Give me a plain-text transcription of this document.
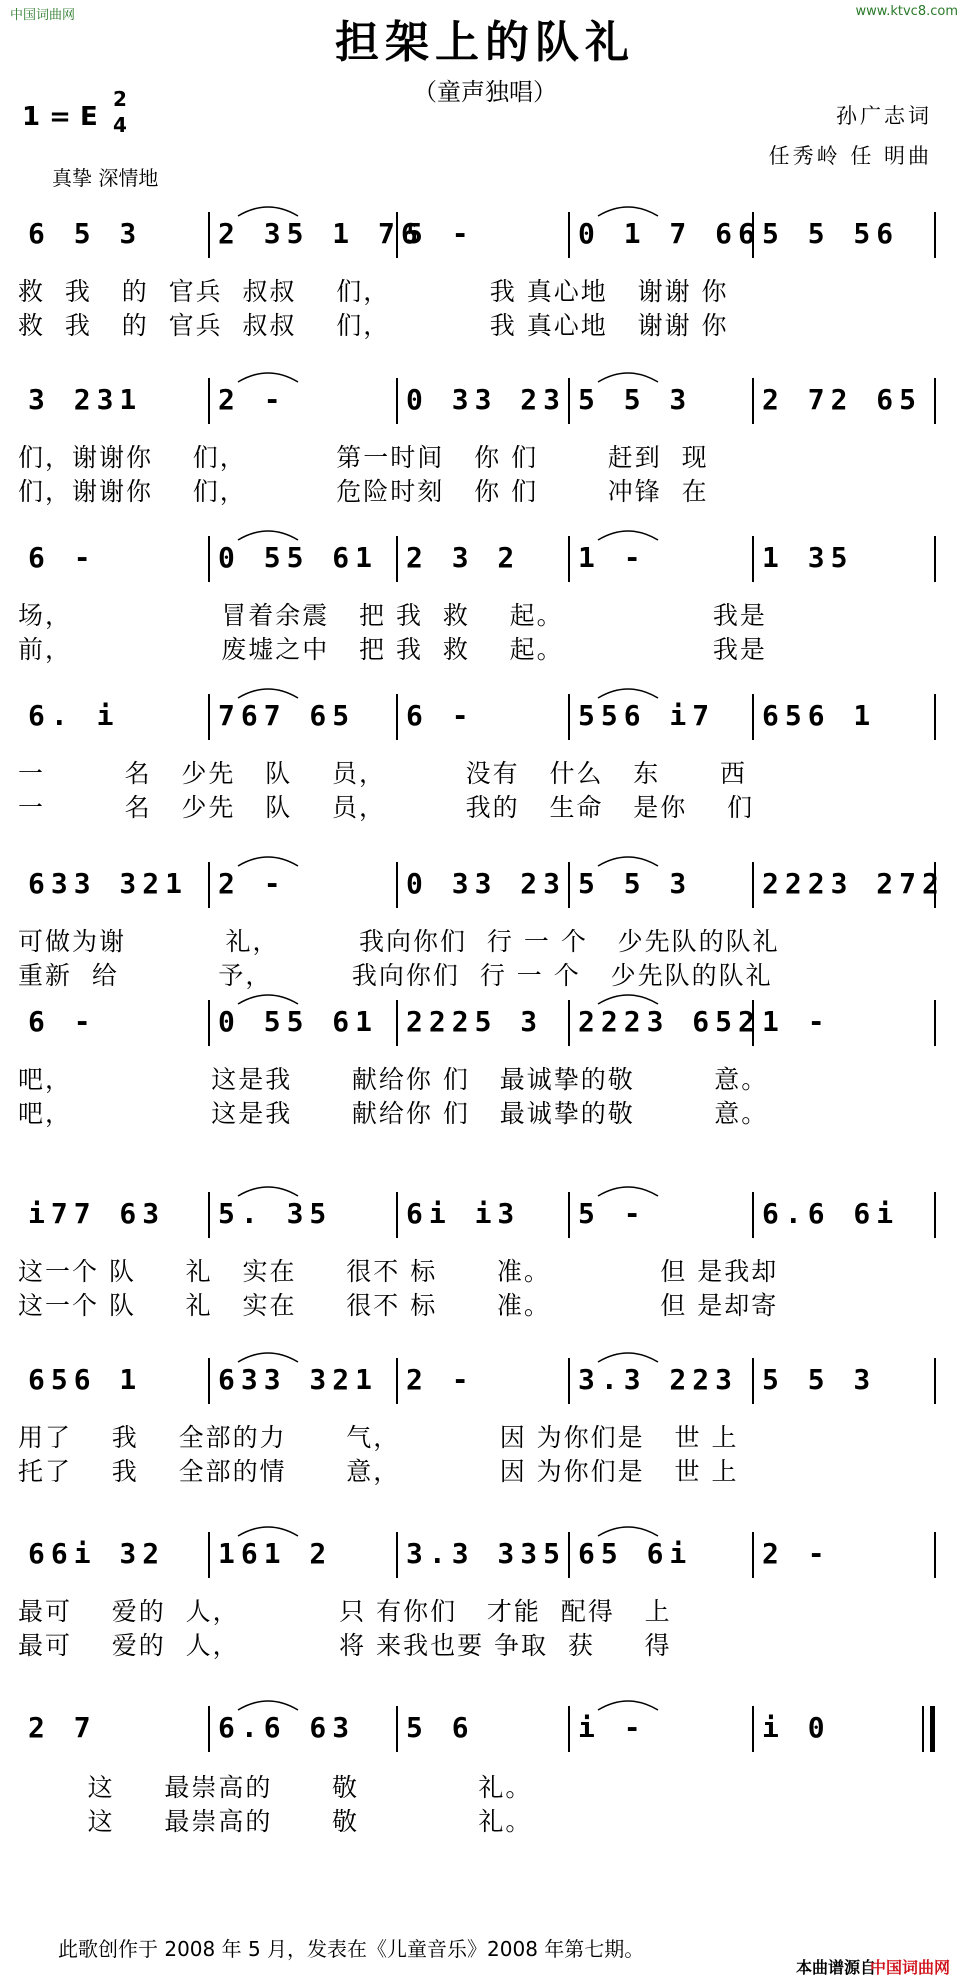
中国词曲网	www.ktvc8.com
担架上的队礼
（童声独唱）
1 = E
2
4
真挚 深情地
孙广志词
任秀岭 任 明曲
6 5 3	2 35 1 76
5 -	0 1 7 66 5 5 56
救  我   的  官兵  叔叔    们，          我 真心地   谢谢 你
救  我   的  官兵  叔叔    们，          我 真心地   谢谢 你
3 231	2 -	0 33 23 5 5 3 2 72 65
们，谢谢你    们，         第一时间   你 们       赶到  现
们，谢谢你    们，         危险时刻   你 们       冲锋  在
6 -	0 55 61 2 3 2 1 -	1 35
场，               冒着余震   把 我  救    起。               我是
前，               废墟之中   把 我  救    起。               我是
6. i	767 65 6 -	556 i7 656 1
一        名   少先   队    员，        没有   什么   东      西
一        名   少先   队    员，        我的   生命   是你    们
633 321 2 -	0 33 23 5 5 3 2223 272
可做为谢          礼，        我向你们  行 一 个   少先队的队礼
重新  给          予，        我向你们  行 一 个   少先队的队礼
6 -	0 55 61 2225 3 2223 652 1 -
吧，              这是我      献给你 们   最诚挚的敬        意。
吧，              这是我      献给你 们   最诚挚的敬        意。
i77 63 5. 35	6i i3 5 -	6.6 6i
这一个 队     礼   实在     很不 标      准。           但 是我却
这一个 队     礼   实在     很不 标      准。           但 是却寄
656 1	633 321 2 -	3.3 223 5 5 3
用了    我    全部的力      气，          因 为你们是   世 上
托了    我    全部的情      意，          因 为你们是   世 上
66i 32 161 2	3.3 335 65 6i 2 -
最可    爱的  人，          只 有你们   才能  配得   上
最可    爱的  人，          将 来我也要 争取  获     得
2 7	6.6 63 5 6	i -	i 0
这     最崇高的      敬            礼。
这     最崇高的      敬            礼。
此歌创作于 2008 年 5 月，发表在《儿童音乐》2008 年第七期。
本曲谱源自
中国词曲网
